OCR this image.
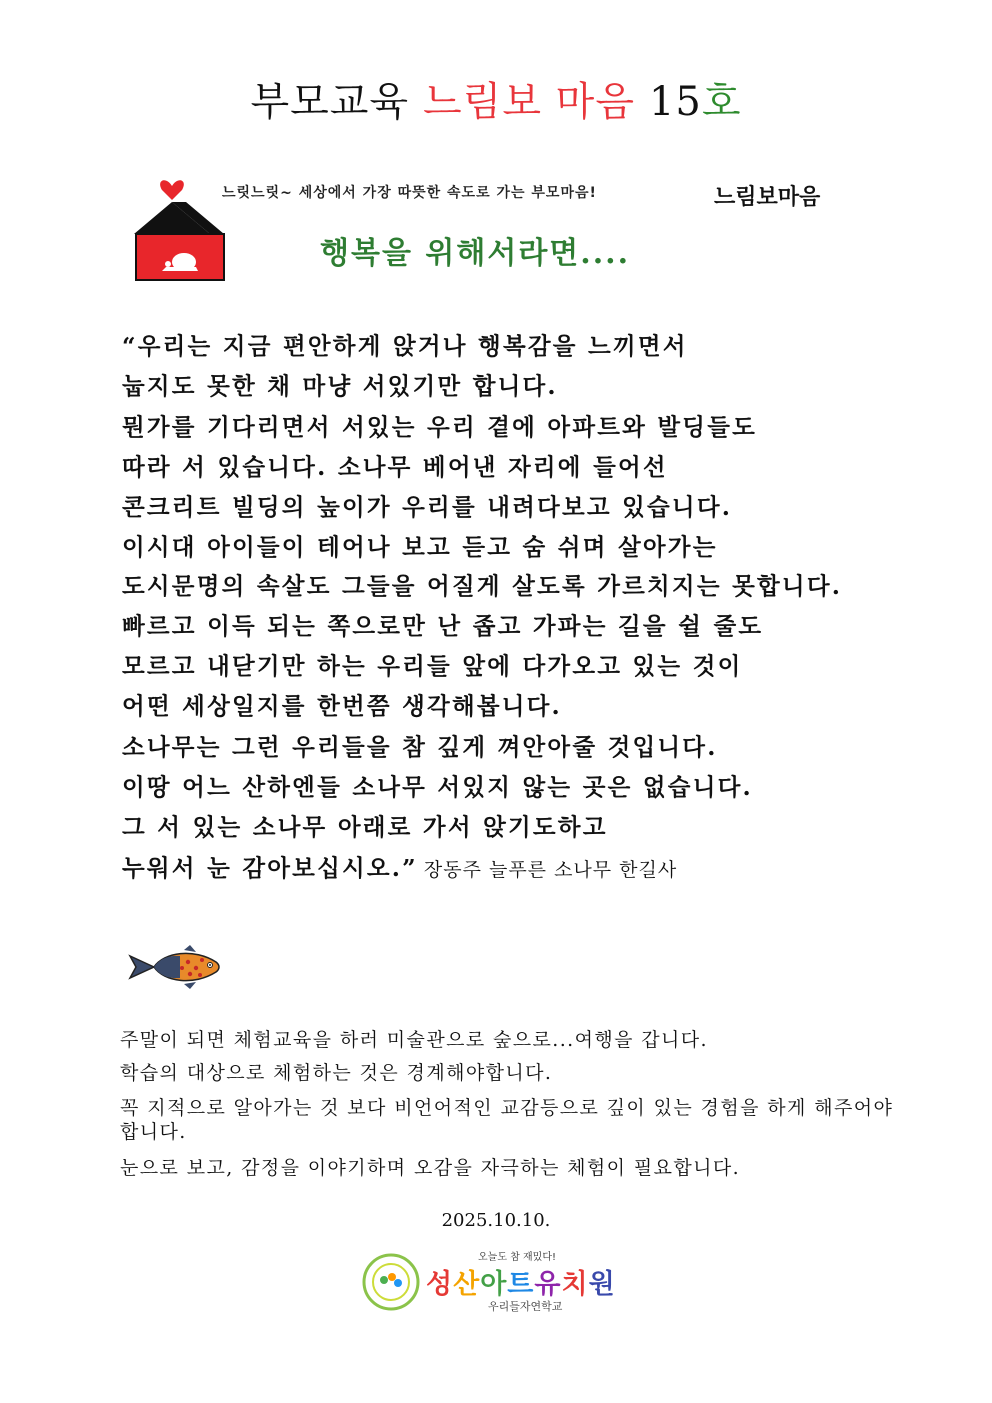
부모교육 느림보 마음 15호
느릿느릿~ 세상에서 가장 따뜻한 속도로 가는 부모마음!	느림보마음
행복을 위해서라면....
“우리는 지금 편안하게 앉거나 행복감을 느끼면서
눕지도 못한 채 마냥 서있기만 합니다.
뭔가를 기다리면서 서있는 우리 곁에 아파트와 발딩들도
따라 서 있습니다. 소나무 베어낸 자리에 들어선
콘크리트 빌딩의 높이가 우리를 내려다보고 있습니다.
이시대 아이들이 테어나 보고 듣고 숨 쉬며 살아가는
도시문명의 속살도 그들을 어질게 살도록 가르치지는 못합니다.
빠르고 이득 되는 쪽으로만 난 좁고 가파는 길을 쉴 줄도
모르고 내닫기만 하는 우리들 앞에 다가오고 있는 것이
어떤 세상일지를 한번쯤 생각해봅니다.
소나무는 그런 우리들을 참 깊게 껴안아줄 것입니다.
이땅 어느 산하엔들 소나무 서있지 않는 곳은 없습니다.
그 서 있는 소나무 아래로 가서 앉기도하고
누워서 눈 감아보십시오.” 장동주 늘푸른 소나무 한길사
주말이 되면 체험교육을 하러 미술관으로 숲으로...여행을 갑니다.
학습의 대상으로 체험하는 것은 경계해야합니다.
꼭 지적으로 알아가는 것 보다 비언어적인 교감등으로 깊이 있는 경험을 하게 해주어야합니다.
눈으로 보고, 감정을 이야기하며 오감을 자극하는 체험이 필요합니다.
2025.10.10.
오늘도 참 재밌다!
성산아트유치원
우리들자연학교
